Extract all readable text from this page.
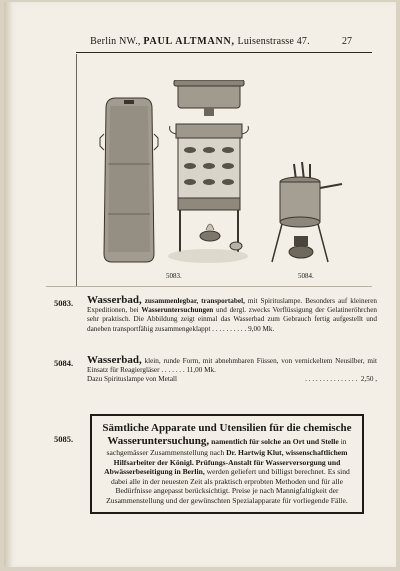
Berlin NW., PAUL ALTMANN, Luisenstrasse 47.	27
5083.	5084.
5083. Wasserbad, zusammenlegbar, transportabel, mit Spirituslampe. Besonders auf kleineren Expeditionen, bei Wasseruntersuchungen und dergl. zwecks Verflüssigung der Gelatineröhrchen sehr praktisch. Die Abbildung zeigt einmal das Wasserbad zum Gebrauch fertig aufgestellt und daneben transportfähig zusammengeklappt . . . . . . . . . . 9,00 Mk.
5084. Wasserbad, klein, runde Form, mit abnehmbaren Füssen, von vernickeltem Neusilber, mit Einsatz für Reagiergläser . . . . . . . 11,00 Mk.
Dazu Spirituslampe von Metall	. . . . . . . . . . . . . . .  2,50 ,
5085.
Sämtliche Apparate und Utensilien für die chemische Wasseruntersuchung, namentlich für solche an Ort und Stelle in sachgemässer Zusammenstellung nach Dr. Hartwig Klut, wissenschaftlichem Hilfsarbeiter der Königl. Prüfungs-Anstalt für Wasserversorgung und Abwässerbeseitigung in Berlin, werden geliefert und billigst berechnet. Es sind dabei alle in der neuesten Zeit als praktisch erprobten Methoden und für alle Bedürfnisse angepasst berücksichtigt. Preise je nach Mannigfaltigkeit der Zusammenstellung und der gewünschten Spezialapparate für vorliegende Fälle.
